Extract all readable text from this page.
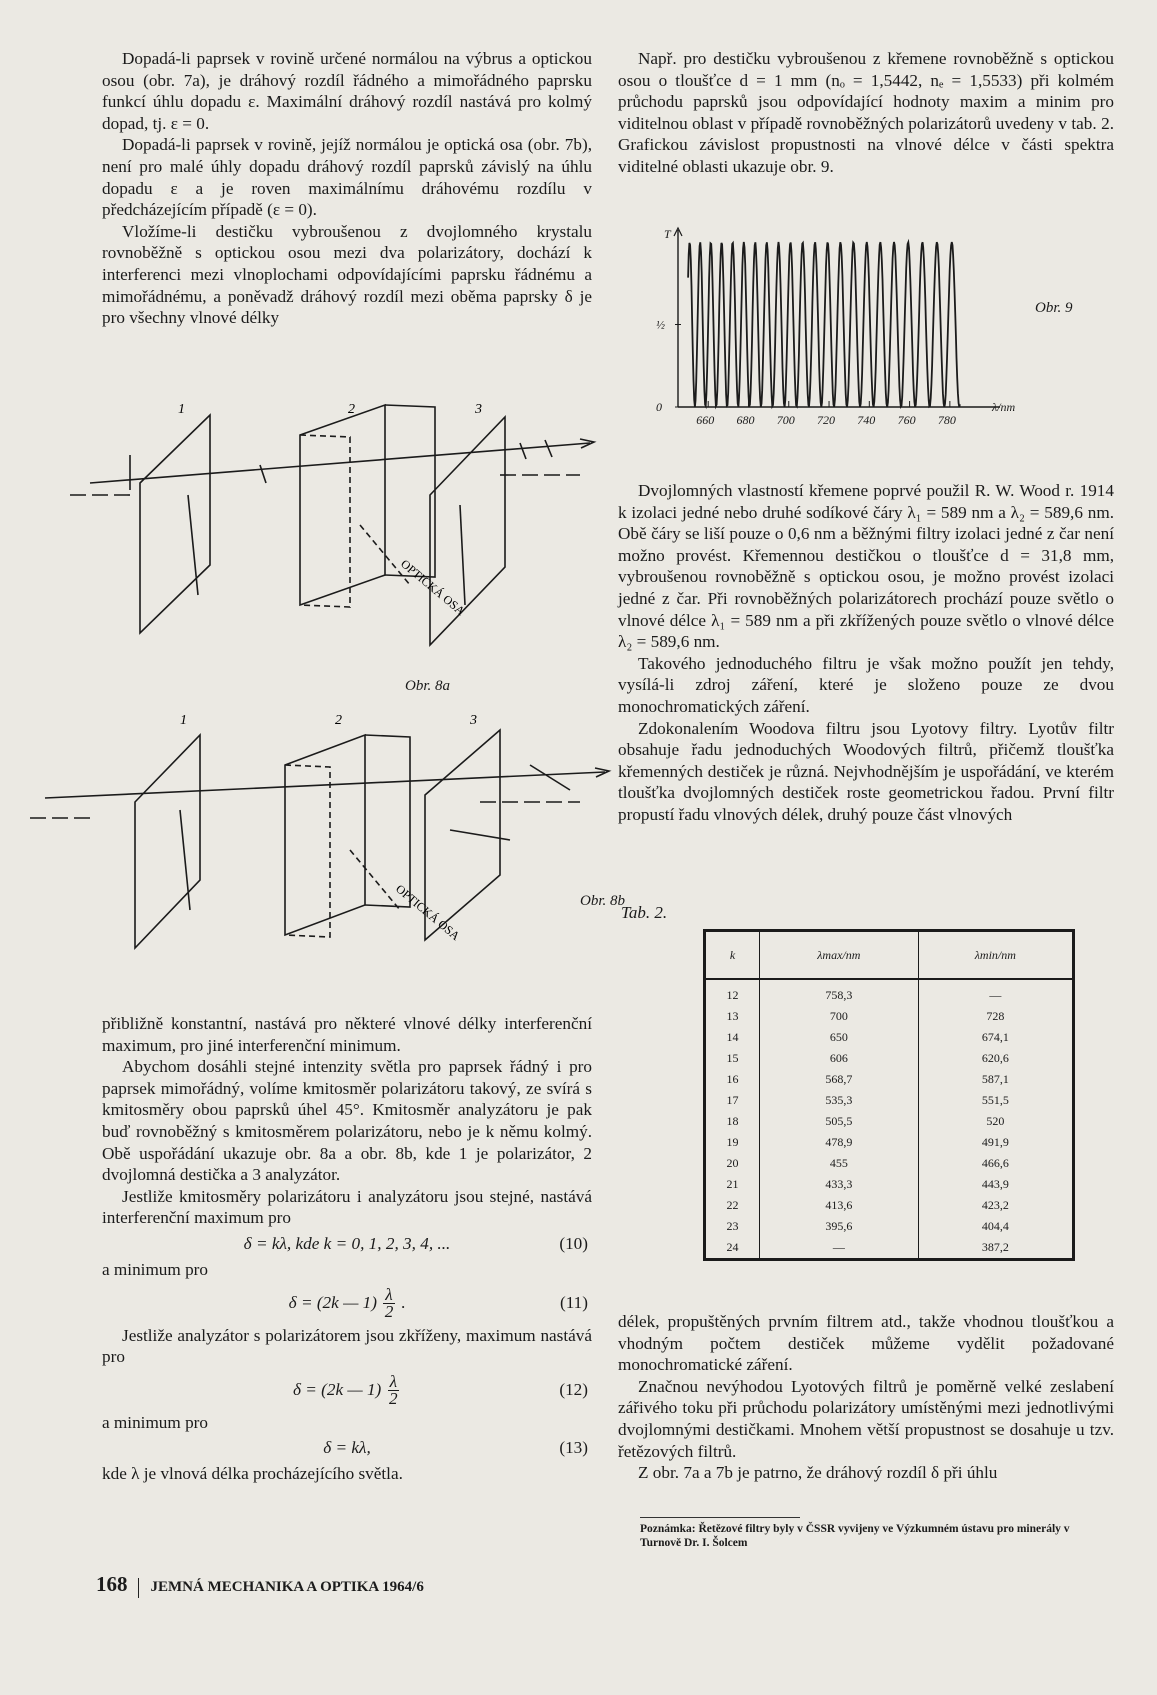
Dopadá-li paprsek v rovině určené normálou na výbrus a optickou osou (obr. 7a), je dráhový rozdíl řádného a mimořádného paprsku funkcí úhlu dopadu ε. Maximální dráhový rozdíl nastává pro kolmý dopad, tj. ε = 0.

Dopadá-li paprsek v rovině, jejíž normálou je optická osa (obr. 7b), není pro malé úhly dopadu dráhový rozdíl paprsků závislý na úhlu dopadu ε a je roven maximálnímu dráhovému rozdílu v předcházejícím případě (ε = 0).

Vložíme-li destičku vybroušenou z dvojlomného krystalu rovnoběžně s optickou osou mezi dva polarizátory, dochází k interferenci mezi vlnoplochami odpovídajícími paprsku řádnému a mimořádnému, a poněvadž dráhový rozdíl mezi oběma paprsky δ je pro všechny vlnové délky

přibližně konstantní, nastává pro některé vlnové délky interferenční maximum, pro jiné interferenční minimum.

Abychom dosáhli stejné intenzity světla pro paprsek řádný i pro paprsek mimořádný, volíme kmitosměr polarizátoru takový, ze svírá s kmitosměry obou paprsků úhel 45°. Kmitosměr analyzátoru je pak buď rovnoběžný s kmitosměrem polarizátoru, nebo je k němu kolmý. Obě uspořádání ukazuje obr. 8a a obr. 8b, kde 1 je polarizátor, 2 dvojlomná destička a 3 analyzátor.

Jestliže kmitosměry polarizátoru i analyzátoru jsou stejné, nastává interferenční maximum pro

δ = kλ, kde k = 0, 1, 2, 3, 4, ...	(10)

a minimum pro

δ = (2k — $1) \frac{\lambda}{2}$ .	(11)

Jestliže analyzátor s polarizátorem jsou zkříženy, maximum nastává pro

δ = (2k — $1) \frac{\lambda}{2}$	(12)

a minimum pro

δ = kλ,	(13)

kde λ je vlnová délka procházejícího světla.

1	2	3
OPTICKÁ OSA
Obr. 8a
1	2	3
OPTICKÁ OSA	Obr. 8b

Např. pro destičku vybroušenou z křemene rovnoběžně s optickou osou o tloušťce d = 1 mm (nₒ = 1,5442, nₑ = 1,5533) při kolmém průchodu paprsků jsou odpovídající hodnoty maxim a minim pro viditelnou oblast v případě rovnoběžných polarizátorů uvedeny v tab. 2. Grafickou závislost propustnosti na vlnové délce v části spektra viditelné oblasti ukazuje obr. 9.

660 680 700 720 740 760 780
0
½
T
λ/nm
Obr. 9

Dvojlomných vlastností křemene poprvé použil R. W. Wood r. 1914 k izolaci jedné nebo druhé sodíkové čáry λ₁ = 589 nm a λ₂ = 589,6 nm. Obě čáry se liší pouze o 0,6 nm a běžnými filtry izolaci jedné z čar není možno provést. Křemennou destičkou o tloušťce d = 31,8 mm, vybroušenou rovnoběžně s optickou osou, je možno provést izolaci jedné z čar. Při rovnoběžných polarizátorech prochází pouze světlo o vlnové délce λ₁ = 589 nm a při zkřížených pouze světlo o vlnové délce λ₂ = 589,6 nm.

Takového jednoduchého filtru je však možno použít jen tehdy, vysílá-li zdroj záření, které je složeno pouze ze dvou monochromatických záření.

Zdokonalením Woodova filtru jsou Lyotovy filtry. Lyotův filtr obsahuje řadu jednoduchých Woodových filtrů, přičemž tloušťka křemenných destiček je různá. Nejvhodnějším je uspořádání, ve kterém tloušťka dvojlomných destiček roste geometrickou řadou. První filtr propustí řadu vlnových délek, druhý pouze část vlnových

Tab. 2.
k	λmax/nm	λmin/nm
12	758,3	—
13	700	728
14	650	674,1
15	606	620,6
16	568,7	587,1
17	535,3	551,5
18	505,5	520
19	478,9	491,9
20	455	466,6
21	433,3	443,9
22	413,6	423,2
23	395,6	404,4
24	—	387,2

délek, propuštěných prvním filtrem atd., takže vhodnou tloušťkou a vhodným počtem destiček můžeme vydělit požadované monochromatické záření.

Značnou nevýhodou Lyotových filtrů je poměrně velké zeslabení zářivého toku při průchodu polarizátory umístěnými mezi jednotlivými dvojlomnými destičkami. Mnohem větší propustnost se dosahuje u tzv. řetězových filtrů.

Z obr. 7a a 7b je patrno, že dráhový rozdíl δ při úhlu

Poznámka: Řetězové filtry byly v ČSSR vyvijeny ve Výzkumném ústavu pro minerály v Turnově Dr. I. Šolcem
168 JEMNÁ MECHANIKA A OPTIKA 1964/6
